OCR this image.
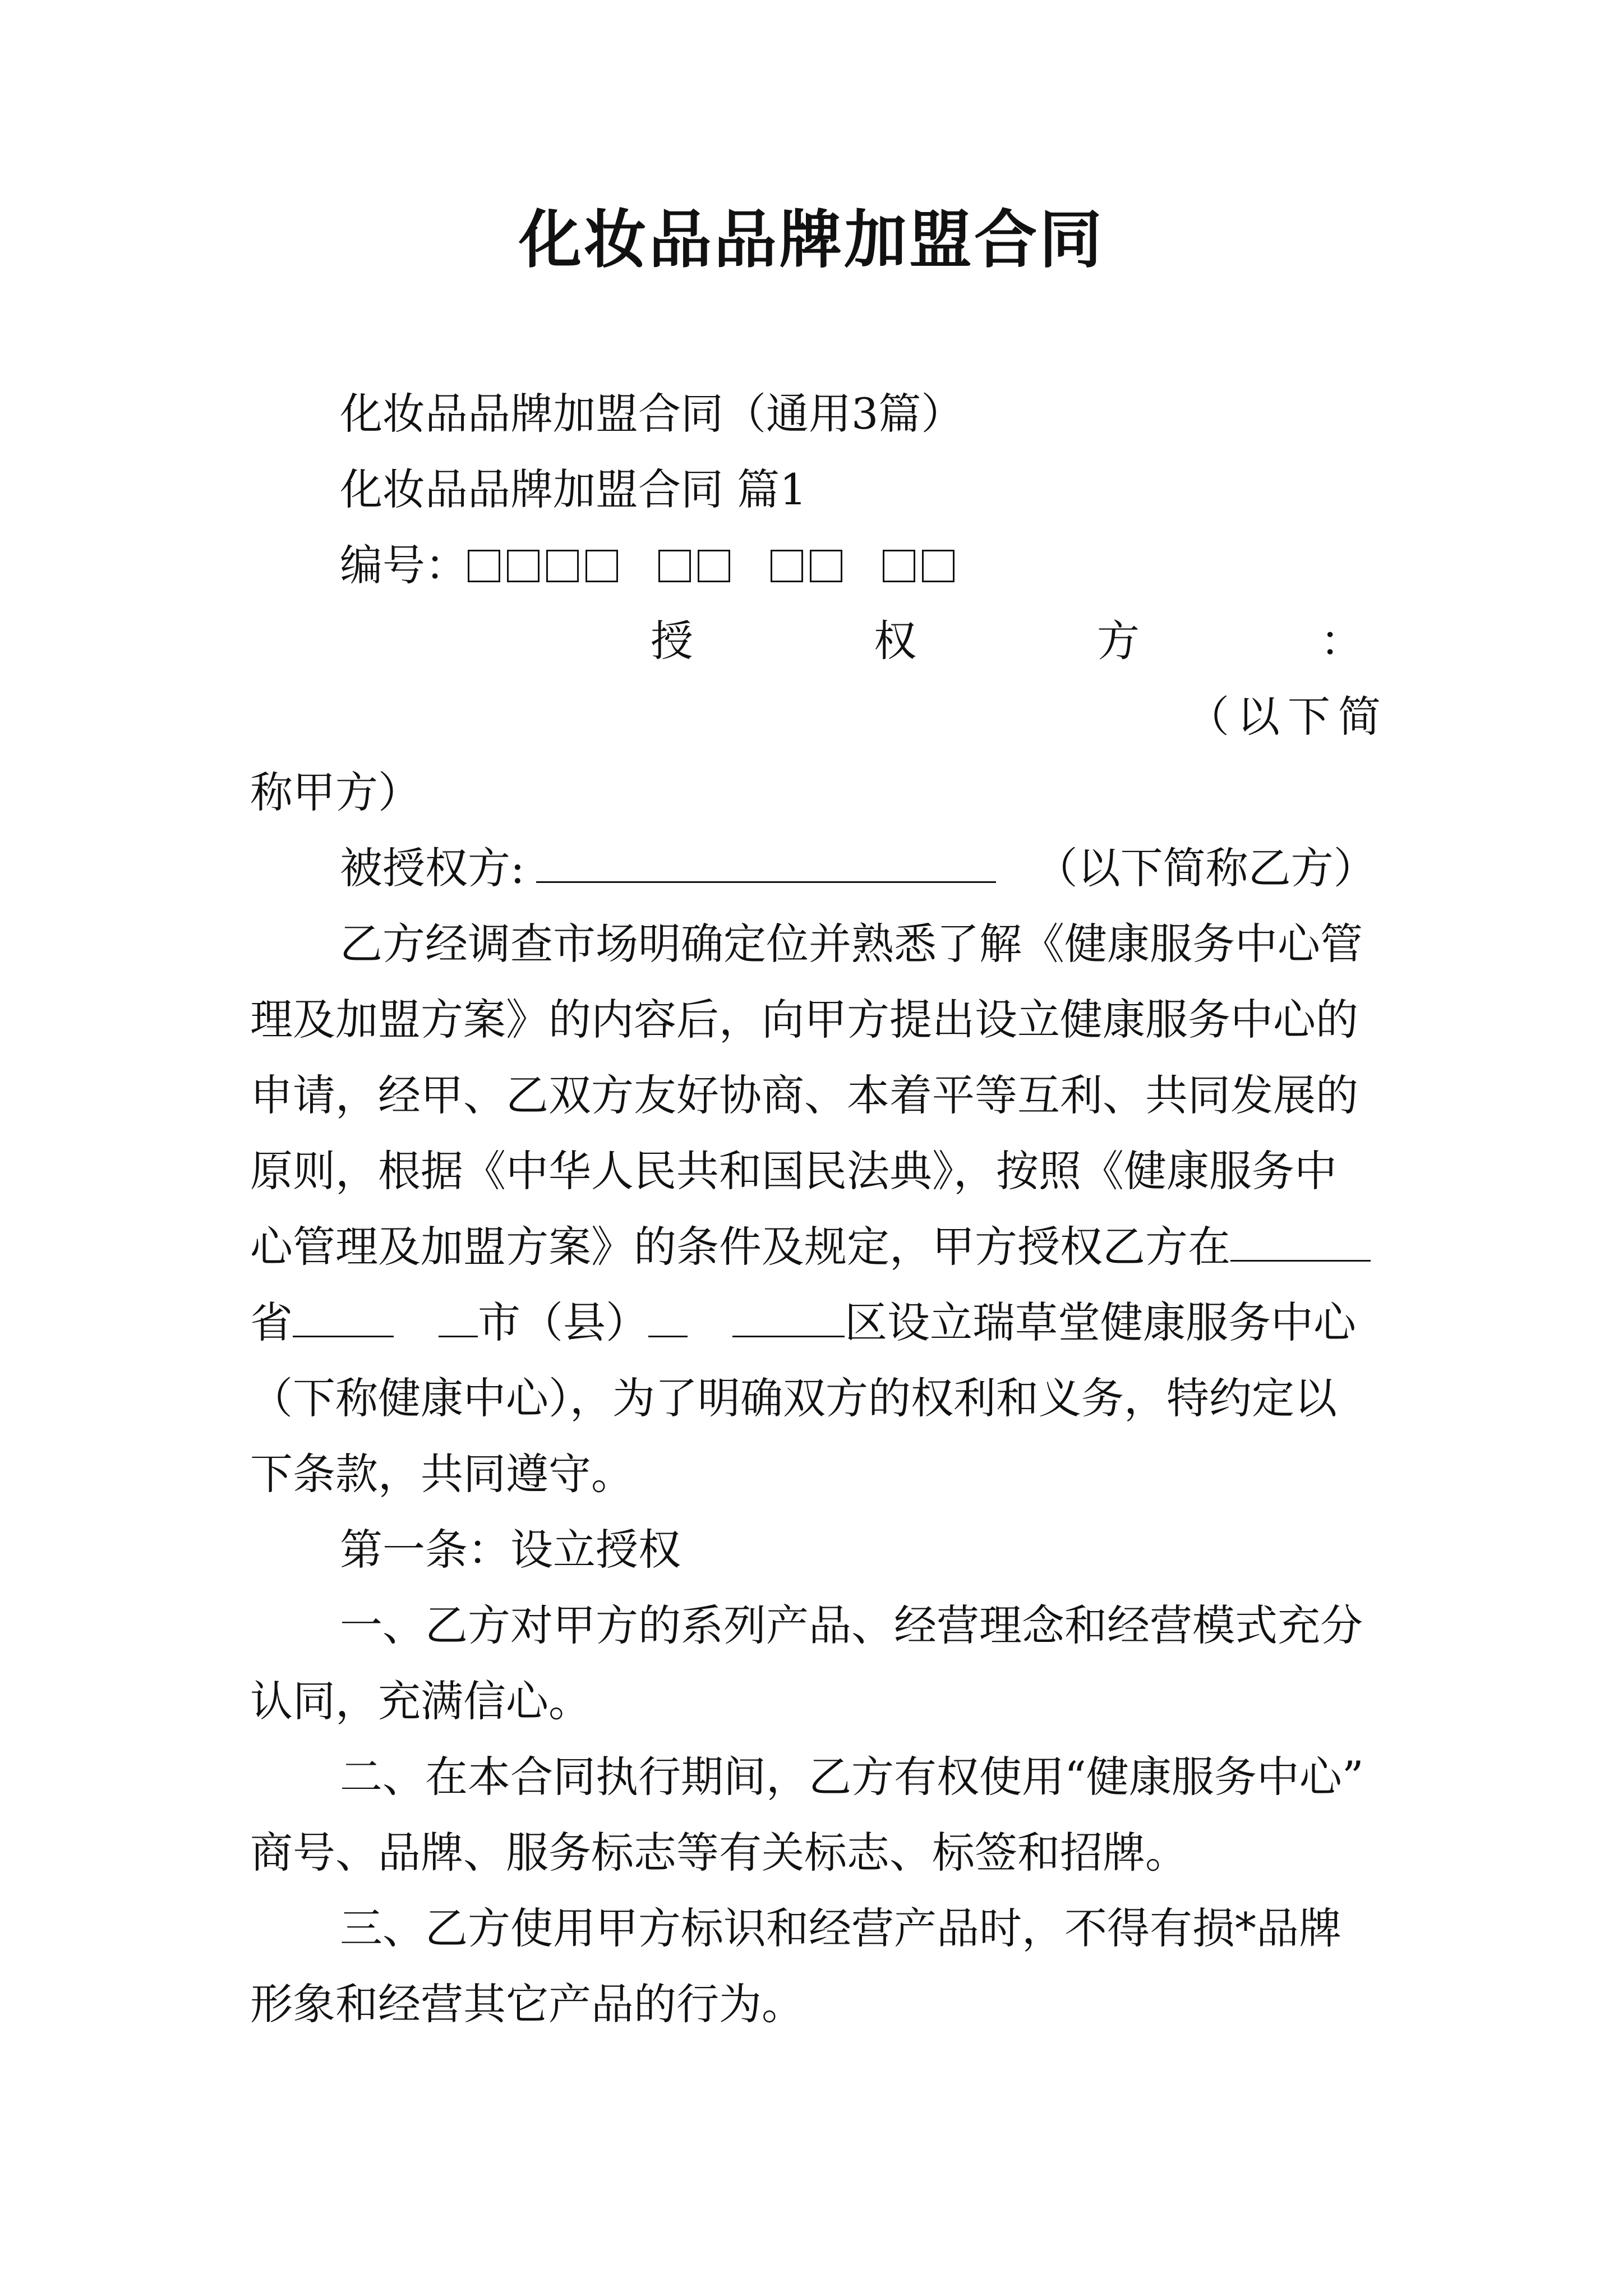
化妆品品牌加盟合同
化妆品品牌加盟合同（通用3篇）
化妆品品牌加盟合同 篇1
编号：
授	权	方	：
（以下简
称甲方）
被授权方:	（以下简称乙方）
乙方经调查市场明确定位并熟悉了解《健康服务中心管
理及加盟方案》的内容后，向甲方提出设立健康服务中心的
申请，经甲、乙双方友好协商、本着平等互利、共同发展的
原则，根据《中华人民共和国民法典》，按照《健康服务中
心管理及加盟方案》的条件及规定，甲方授权乙方在
省	市（县）	区设立瑞草堂健康服务中心
（下称健康中心），为了明确双方的权利和义务，特约定以
下条款，共同遵守。
第一条：设立授权
一、乙方对甲方的系列产品、经营理念和经营模式充分
认同，充满信心。
二、在本合同执行期间，乙方有权使用“健康服务中心”
商号、品牌、服务标志等有关标志、标签和招牌。
三、乙方使用甲方标识和经营产品时，不得有损*品牌
形象和经营其它产品的行为。
